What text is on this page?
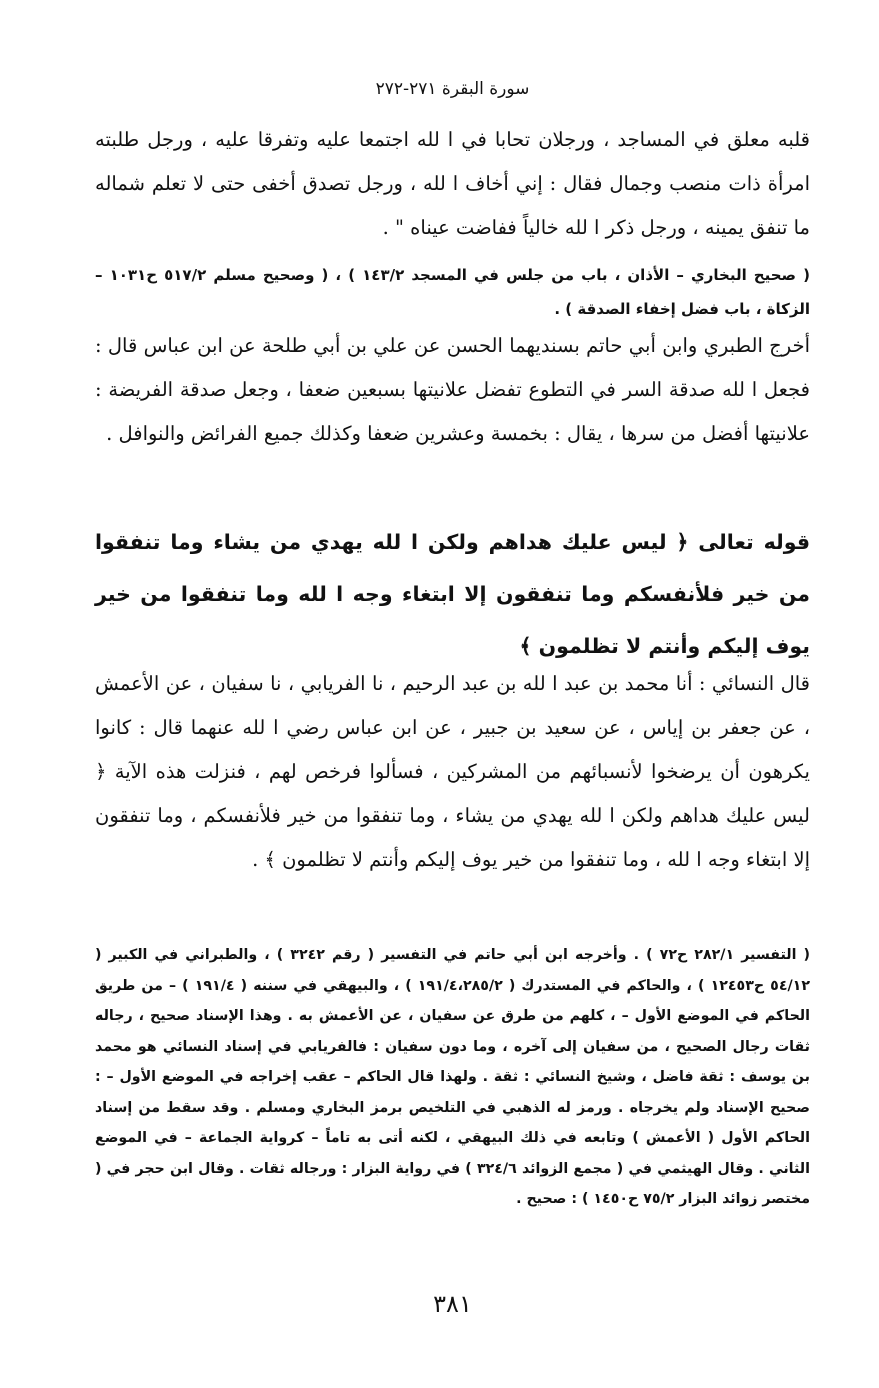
سورة البقرة ٢٧١-٢٧٢
قلبه معلق في المساجد ، ورجلان تحابا في ا لله اجتمعا عليه وتفرقا عليه ، ورجل طلبته امرأة ذات منصب وجمال فقال : إني أخاف ا لله ، ورجل تصدق أخفى حتى لا تعلم شماله ما تنفق يمينه ، ورجل ذكر ا لله خالياً ففاضت عيناه " .
( صحيح البخاري – الأذان ، باب من جلس في المسجد ١٤٣/٢ ) ، ( وصحيح مسلم ٥١٧/٢ ح١٠٣١ – الزكاة ، باب فضل إخفاء الصدقة ) .
أخرج الطبري وابن أبي حاتم بسنديهما الحسن عن علي بن أبي طلحة عن ابن عباس قال : فجعل ا لله صدقة السر في التطوع تفضل علانيتها بسبعين ضعفا ، وجعل صدقة الفريضة : علانيتها أفضل من سرها ، يقال : بخمسة وعشرين ضعفا وكذلك جميع الفرائض والنوافل .
قوله تعالى ﴿ ليس عليك هداهم ولكن ا لله يهدي من يشاء وما تنفقوا من خير فلأنفسكم وما تنفقون إلا ابتغاء وجه ا لله وما تنفقوا من خير يوف إليكم وأنتم لا تظلمون ﴾
قال النسائي : أنا محمد بن عبد ا لله بن عبد الرحيم ، نا الفريابي ، نا سفيان ، عن الأعمش ، عن جعفر بن إياس ، عن سعيد بن جبير ، عن ابن عباس رضي ا لله عنهما قال : كانوا يكرهون أن يرضخوا لأنسبائهم من المشركين ، فسألوا فرخص لهم ، فنزلت هذه الآية ﴿ ليس عليك هداهم ولكن ا لله يهدي من يشاء ، وما تنفقوا من خير فلأنفسكم ، وما تنفقون إلا ابتغاء وجه ا لله ، وما تنفقوا من خير يوف إليكم وأنتم لا تظلمون ﴾ .
( التفسير ٢٨٢/١ ح٧٢ ) . وأخرجه ابن أبي حاتم في التفسير ( رقم ٣٢٤٢ ) ، والطبراني في الكبير ( ٥٤/١٢ ح١٢٤٥٣ ) ، والحاكم في المستدرك ( ١٩١/٤،٢٨٥/٢ ) ، والبيهقي في سننه ( ١٩١/٤ ) – من طريق الحاكم في الموضع الأول – ، كلهم من طرق عن سفيان ، عن الأعمش به . وهذا الإسناد صحيح ، رجاله ثقات رجال الصحيح ، من سفيان إلى آخره ، وما دون سفيان : فالفريابي في إسناد النسائي هو محمد بن يوسف : ثقة فاضل ، وشيخ النسائي : ثقة . ولهذا قال الحاكم – عقب إخراجه في الموضع الأول – : صحيح الإسناد ولم يخرجاه . ورمز له الذهبي في التلخيص برمز البخاري ومسلم . وقد سقط من إسناد الحاكم الأول ( الأعمش ) وتابعه في ذلك البيهقي ، لكنه أتى به تاماً – كرواية الجماعة – في الموضع الثاني . وقال الهيثمي في ( مجمع الزوائد ٣٢٤/٦ ) في رواية البزار : ورجاله ثقات . وقال ابن حجر في ( مختصر زوائد البزار ٧٥/٢ ح١٤٥٠ ) : صحيح .
٣٨١
